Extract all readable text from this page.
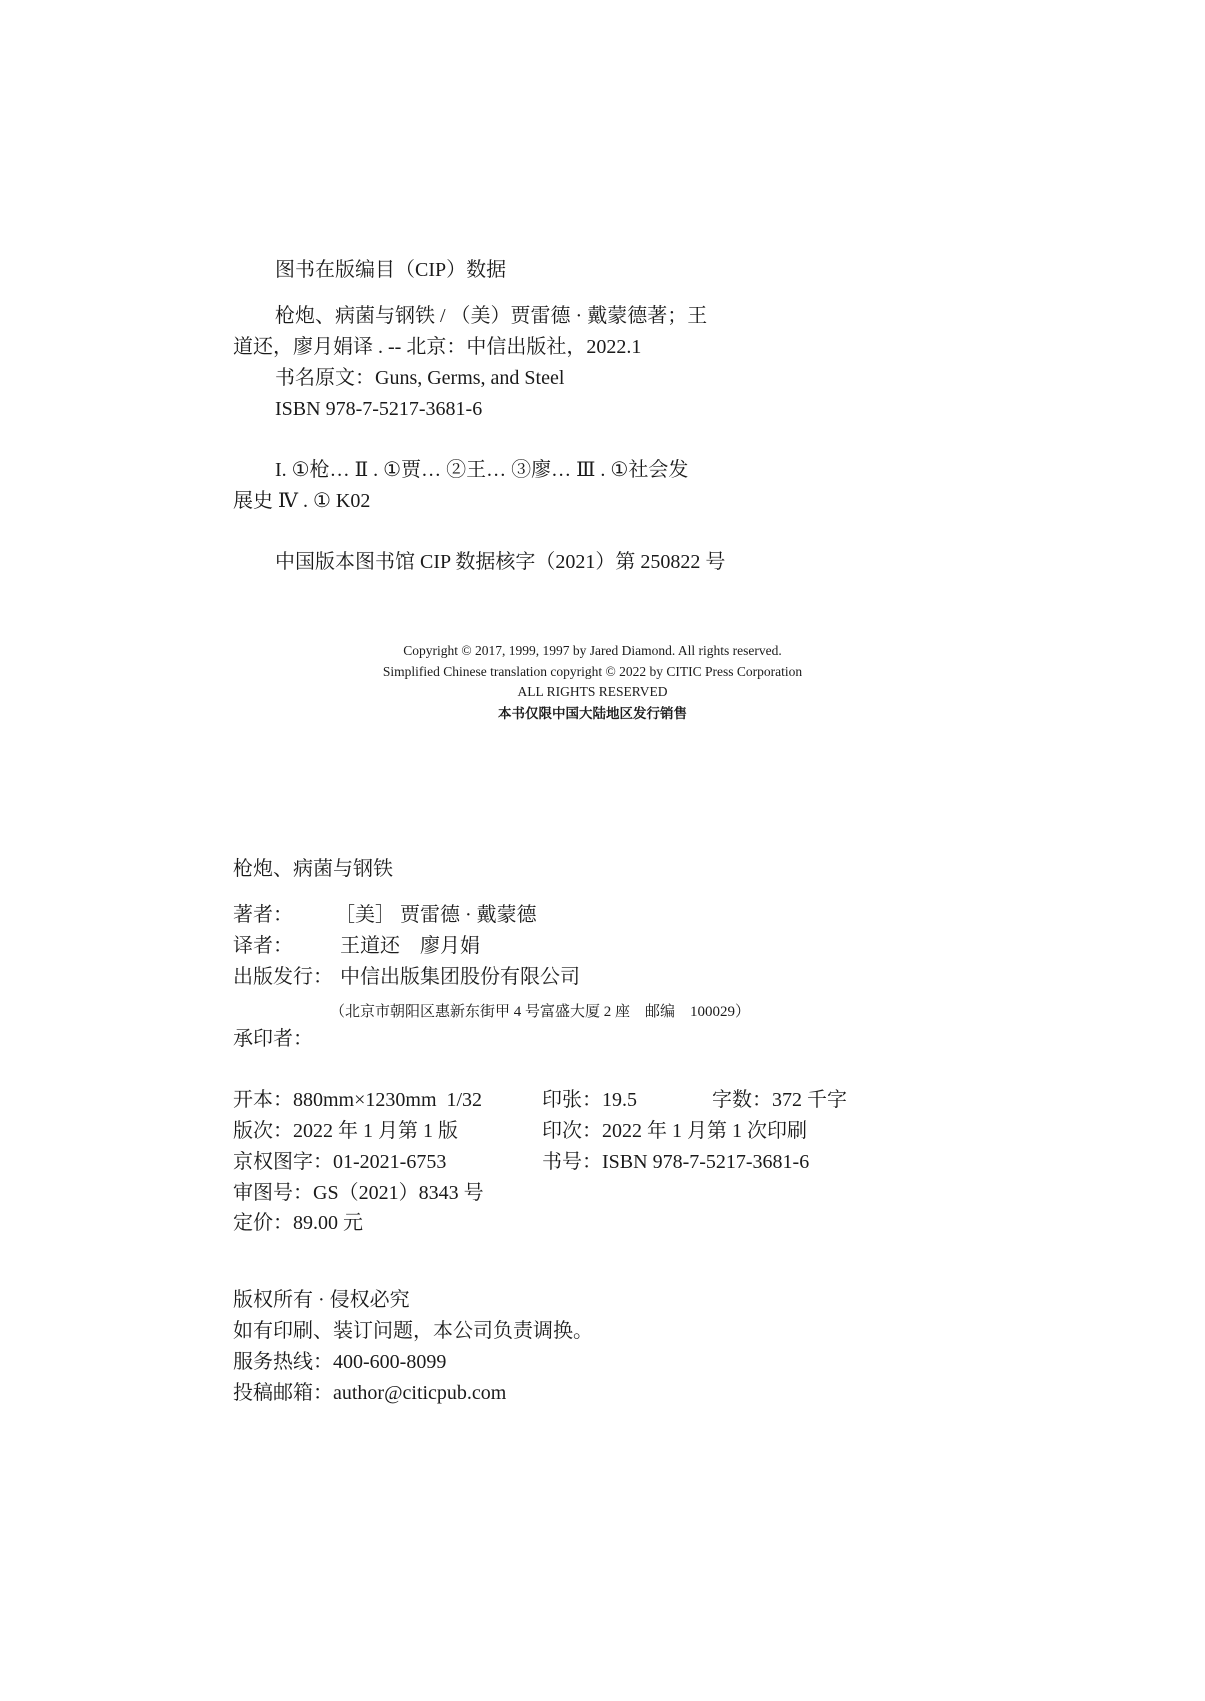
图书在版编目（CIP）数据
枪炮、病菌与钢铁 / （美）贾雷德 · 戴蒙德著；王
道还，廖月娟译 . -- 北京：中信出版社，2022.1
书名原文：Guns, Germs, and Steel
ISBN 978-7-5217-3681-6
I. ①枪… Ⅱ . ①贾… ②王… ③廖… Ⅲ . ①社会发
展史 Ⅳ . ① K02
中国版本图书馆 CIP 数据核字（2021）第 250822 号
Copyright © 2017, 1999, 1997 by Jared Diamond. All rights reserved.
Simplified Chinese translation copyright © 2022 by CITIC Press Corporation
ALL RIGHTS RESERVED
本书仅限中国大陆地区发行销售
枪炮、病菌与钢铁
著者： ［美］ 贾雷德 · 戴蒙德
译者： 王道还　廖月娟
出版发行： 中信出版集团股份有限公司
（北京市朝阳区惠新东街甲 4 号富盛大厦 2 座　邮编　100029）
承印者：
开本：880mm×1230mm  1/32	印张：19.5	字数：372 千字
版次：2022 年 1 月第 1 版	印次：2022 年 1 月第 1 次印刷
京权图字：01-2021-6753	书号：ISBN 978-7-5217-3681-6
审图号：GS（2021）8343 号
定价：89.00 元
版权所有 · 侵权必究
如有印刷、装订问题，本公司负责调换。
服务热线：400-600-8099
投稿邮箱：author@citicpub.com
